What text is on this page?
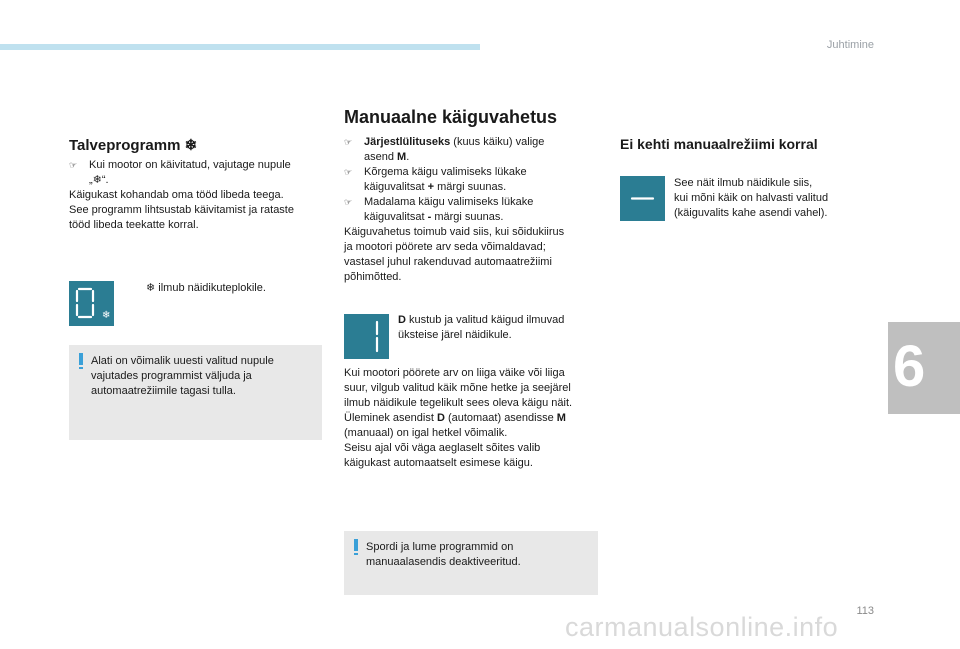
Juhtimine
6
113
carmanualsonline.info
Talveprogramm ❄
☞ Kui mootor on käivitatud, vajutage nupule
„❄“.
Käigukast kohandab oma tööd libeda teega.
See programm lihtsustab käivitamist ja rataste
tööd libeda teekatte korral.
❄
❄ ilmub näidikuteplokile.
Alati on võimalik uuesti valitud nupule
vajutades programmist väljuda ja
automaatrežiimile tagasi tulla.
Manuaalne käiguvahetus
☞ Järjestlülituseks (kuus käiku) valige
asend M.
☞ Kõrgema käigu valimiseks lükake
käiguvalitsat + märgi suunas.
☞ Madalama käigu valimiseks lükake
käiguvalitsat - märgi suunas.
Käiguvahetus toimub vaid siis, kui sõidukiirus
ja mootori pöörete arv seda võimaldavad;
vastasel juhul rakenduvad automaatrežiimi
põhimõtted.
D kustub ja valitud käigud ilmuvad
üksteise järel näidikule.
Kui mootori pöörete arv on liiga väike või liiga
suur, vilgub valitud käik mõne hetke ja seejärel
ilmub näidikule tegelikult sees oleva käigu näit.
Üleminek asendist D (automaat) asendisse M
(manuaal) on igal hetkel võimalik.
Seisu ajal või väga aeglaselt sõites valib
käigukast automaatselt esimese käigu.
Spordi ja lume programmid on
manuaalasendis deaktiveeritud.
Ei kehti manuaalrežiimi korral
See näit ilmub näidikule siis,
kui mõni käik on halvasti valitud
(käiguvalits kahe asendi vahel).
